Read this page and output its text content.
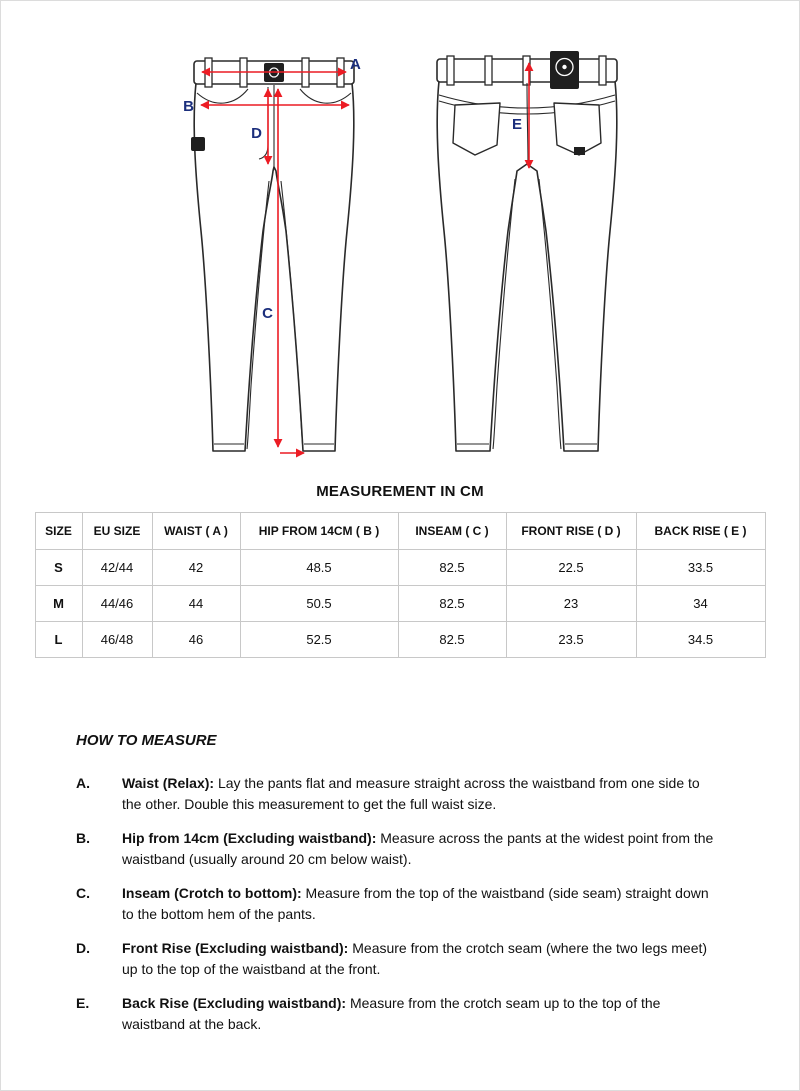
A
B
C
D
E
MEASUREMENT IN CM
SIZE	EU SIZE	WAIST ( A )	HIP FROM 14CM ( B )	INSEAM ( C )	FRONT RISE ( D )	BACK RISE ( E )
S	42/44	42	48.5	82.5	22.5	33.5
M	44/46	44	50.5	82.5	23	34
L	46/48	46	52.5	82.5	23.5	34.5
HOW TO MEASURE
A.	Waist (Relax): Lay the pants flat and measure straight across the waistband from one side to the other. Double this measurement to get the full waist size.
B.	Hip from 14cm (Excluding waistband): Measure across the pants at the widest point from the waistband (usually around 20 cm below waist).
C.	Inseam (Crotch to bottom): Measure from the top of the waistband (side seam) straight down to the bottom hem of the pants.
D.	Front Rise (Excluding waistband): Measure from the crotch seam (where the two legs meet) up to the top of the waistband at the front.
E.	Back Rise (Excluding waistband): Measure from the crotch seam up to the top of the waistband at the back.
